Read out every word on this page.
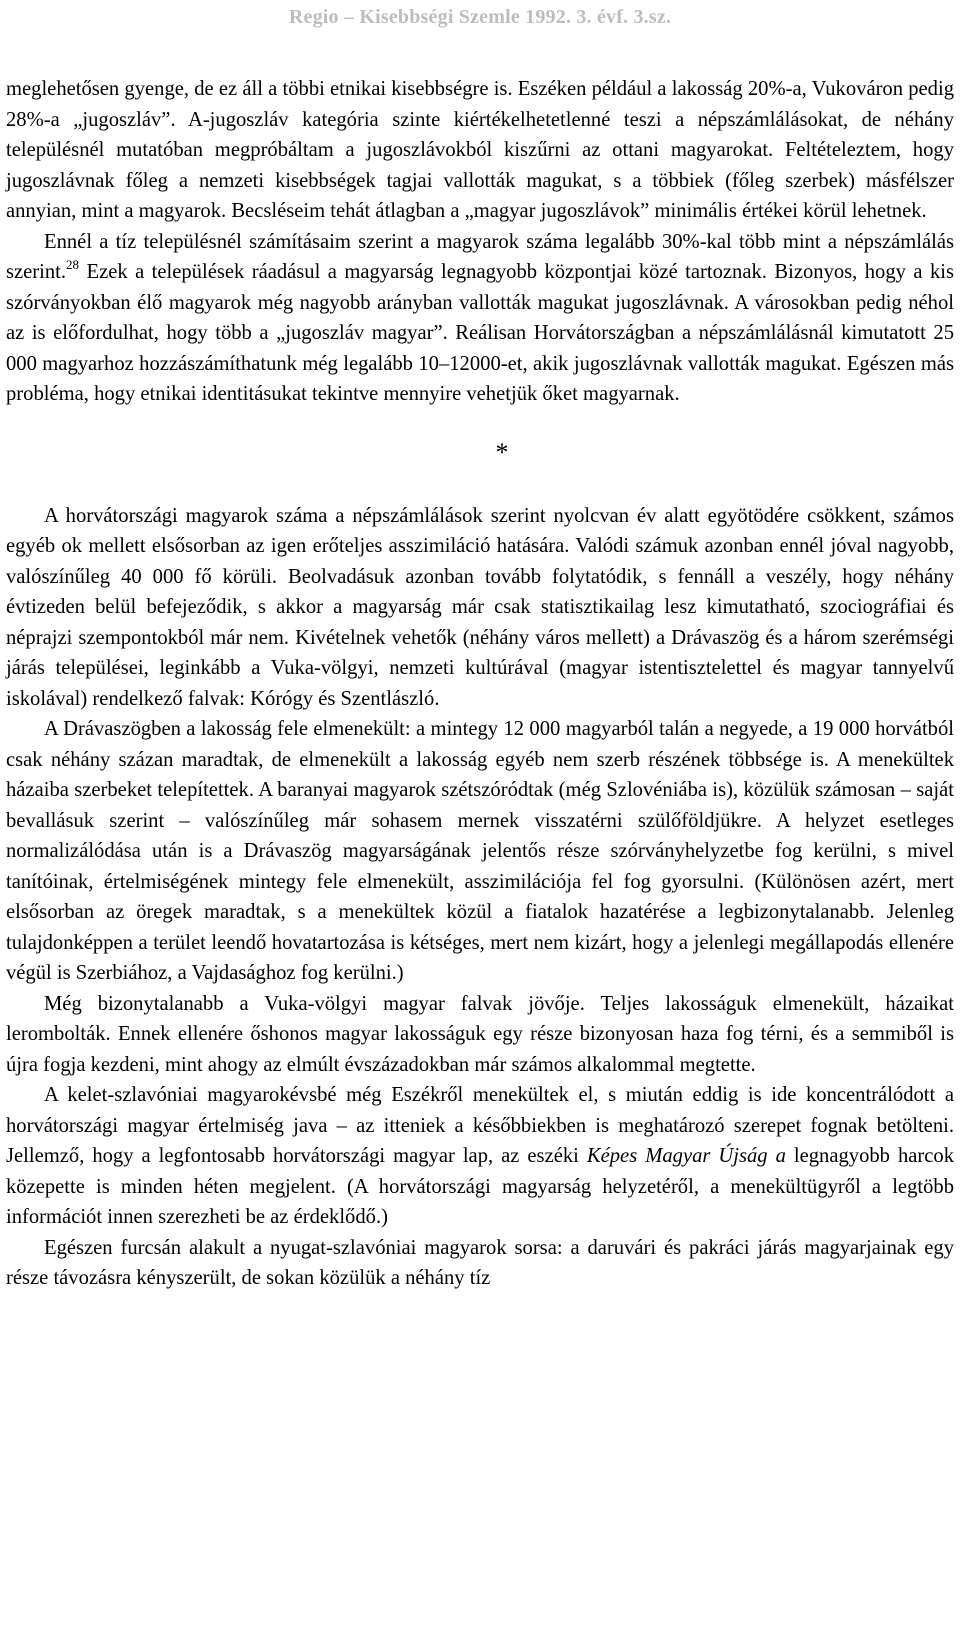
Regio – Kisebbségi Szemle 1992. 3. évf. 3.sz.

meglehetősen gyenge, de ez áll a többi etnikai kisebbségre is. Eszéken például a lakosság 20%-a, Vukováron pedig 28%-a „jugoszláv”. A-jugoszláv kategória szinte kiértékelhetetlenné teszi a népszámlálásokat, de néhány településnél mutatóban megpróbáltam a jugoszlávokból kiszűrni az ottani magyarokat. Feltételeztem, hogy jugoszlávnak főleg a nemzeti kisebbségek tagjai vallották magukat, s a többiek (főleg szerbek) másfélszer annyian, mint a magyarok. Becsléseim tehát átlagban a „magyar jugoszlávok” minimális értékei körül lehetnek.

Ennél a tíz településnél számításaim szerint a magyarok száma legalább 30%-kal több mint a népszámlálás szerint.$^{28}$ Ezek a települések ráadásul a magyarság legnagyobb központjai közé tartoznak. Bizonyos, hogy a kis szórványokban élő magyarok még nagyobb arányban vallották magukat jugoszlávnak. A városokban pedig néhol az is előfordulhat, hogy több a „jugoszláv magyar”. Reálisan Horvátországban a népszámlálásnál kimutatott 25 000 magyarhoz hozzászámíthatunk még legalább 10–12000-et, akik jugoszlávnak vallották magukat. Egészen más probléma, hogy etnikai identitásukat tekintve mennyire vehetjük őket magyarnak.

*

A horvátországi magyarok száma a népszámlálások szerint nyolcvan év alatt egyötödére csökkent, számos egyéb ok mellett elsősorban az igen erőteljes asszimiláció hatására. Valódi számuk azonban ennél jóval nagyobb, valószínűleg 40 000 fő körüli. Beolvadásuk azonban tovább folytatódik, s fennáll a veszély, hogy néhány évtizeden belül befejeződik, s akkor a magyarság már csak statisztikailag lesz kimutatható, szociográfiai és néprajzi szempontokból már nem. Kivételnek vehetők (néhány város mellett) a Drávaszög és a három szerémségi járás települései, leginkább a Vuka-völgyi, nemzeti kultúrával (magyar istentisztelettel és magyar tannyelvű iskolával) rendelkező falvak: Kórógy és Szentlászló.

A Drávaszögben a lakosság fele elmenekült: a mintegy 12 000 magyarból talán a negyede, a 19 000 horvátból csak néhány százan maradtak, de elmenekült a lakosság egyéb nem szerb részének többsége is. A menekültek házaiba szerbeket telepítettek. A baranyai magyarok szétszóródtak (még Szlovéniába is), közülük számosan – saját bevallásuk szerint – valószínűleg már sohasem mernek visszatérni szülőföldjükre. A helyzet esetleges normalizálódása után is a Drávaszög magyarságának jelentős része szórványhelyzetbe fog kerülni, s mivel tanítóinak, értelmiségének mintegy fele elmenekült, asszimilációja fel fog gyorsulni. (Különösen azért, mert elsősorban az öregek maradtak, s a menekültek közül a fiatalok hazatérése a legbizonytalanabb. Jelenleg tulajdonképpen a terület leendő hovatartozása is kétséges, mert nem kizárt, hogy a jelenlegi megállapodás ellenére végül is Szerbiához, a Vajdasághoz fog kerülni.)

Még bizonytalanabb a Vuka-völgyi magyar falvak jövője. Teljes lakosságuk elmenekült, házaikat lerombolták. Ennek ellenére őshonos magyar lakosságuk egy része bizonyosan haza fog térni, és a semmiből is újra fogja kezdeni, mint ahogy az elmúlt évszázadokban már számos alkalommal megtette.

A kelet-szlavóniai magyarokévsbé még Eszékről menekültek el, s miután eddig is ide koncentrálódott a horvátországi magyar értelmiség java – az itteniek a későbbiekben is meghatározó szerepet fognak betölteni. Jellemző, hogy a legfontosabb horvátországi magyar lap, az eszéki Képes Magyar Újság a legnagyobb harcok közepette is minden héten megjelent. (A horvátországi magyarság helyzetéről, a menekültügyről a legtöbb információt innen szerezheti be az érdeklődő.)

Egészen furcsán alakult a nyugat-szlavóniai magyarok sorsa: a daruvári és pakráci járás magyarjainak egy része távozásra kényszerült, de sokan közülük a néhány tíz
